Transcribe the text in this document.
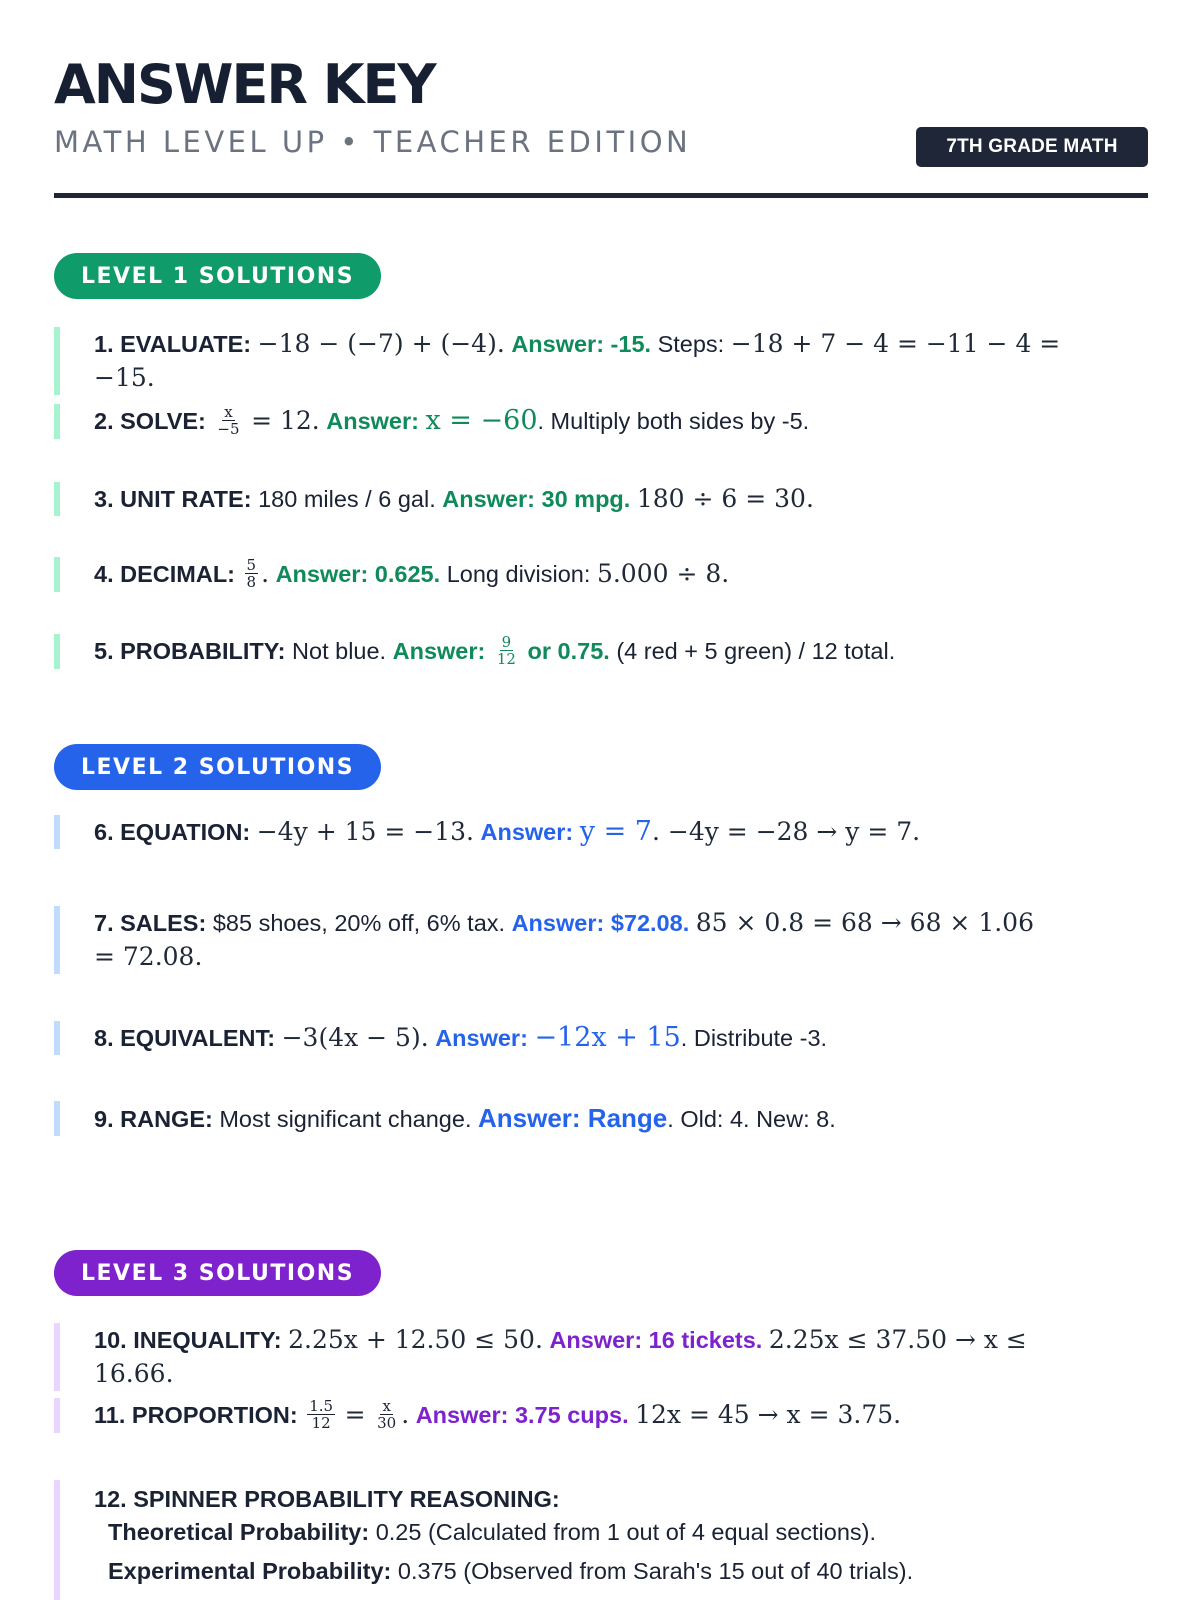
ANSWER KEY
MATH LEVEL UP • TEACHER EDITION	7TH GRADE MATH
LEVEL 1 SOLUTIONS
1. EVALUATE: −18 − (−7) + (−4). Answer: -15. Steps: −18 + 7 − 4 = −11 − 4 = −15.
2. SOLVE: $\frac{x}{-5} = 12$. Answer: x = −60. Multiply both sides by -5.
3. UNIT RATE: 180 miles / 6 gal. Answer: 30 mpg. 180 ÷ 6 = 30.
4. DECIMAL: $\frac{5}{8}$ . Answer: 0.625. Long division: 5.000 ÷ 8.
5. PROBABILITY: Not blue. Answer: $\frac{9}{12}$ or 0.75. (4 red + 5 green) / 12 total.
LEVEL 2 SOLUTIONS
6. EQUATION: −4y + 15 = −13. Answer: y = 7. −4y = −28 → y = 7.
7. SALES: $85 shoes, 20% off, 6% tax. Answer: $72.08. 85 × 0.8 = 68 → 68 × 1.06
= 72.08.
8. EQUIVALENT: −3(4x − 5). Answer: −12x + 15. Distribute -3.
9. RANGE: Most significant change. Answer: Range. Old: 4. New: 8.
LEVEL 3 SOLUTIONS
10. INEQUALITY: 2.25x + 12.50 ≤ 50. Answer: 16 tickets. 2.25x ≤ 37.50 → x ≤ 16.66.
11. PROPORTION: $\frac{1.5}{12} = \frac{x}{30}$ . Answer: 3.75 cups. 12x = 45 → x = 3.75.
12. SPINNER PROBABILITY REASONING:
Theoretical Probability: 0.25 (Calculated from 1 out of 4 equal sections).
Experimental Probability: 0.375 (Observed from Sarah's 15 out of 40 trials).
